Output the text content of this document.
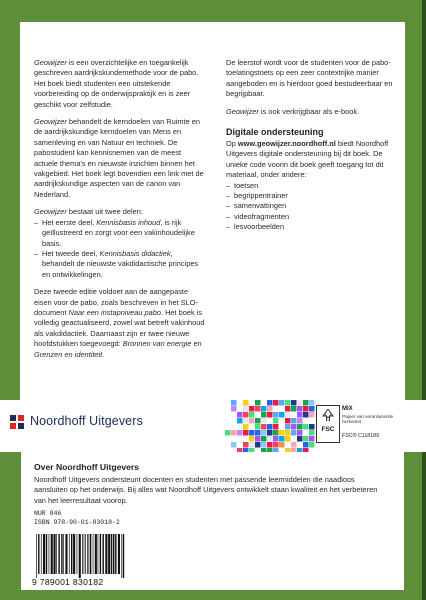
Geowijzer is een overzichtelijke en toegankelijk geschreven aardrijkskundemethode voor de pabo. Het boek biedt studenten een uitstekende voorbereiding op de onderwijspraktijk en is zeer geschikt voor zelfstudie.

Geowijzer behandelt de kerndoelen van Ruimte en de aardrijkskundige kerndoelen van Mens en samenleving en van Natuur en techniek. De pabostudent kan kennisnemen van de meest actuele thema’s en nieuwste inzichten binnen het vakgebied. Het boek legt bovendien een link met de aardrijkskundige aspecten van de canon van Nederland.

Geowijzer bestaat uit twee delen:

– Het eerste deel, Kennisbasis inhoud, is rijk geïllustreerd en zorgt voor een vakinhoudelijke basis.
– Het tweede deel, Kennisbasis didactiek, behandelt de nieuwste vakdidactische principes en ontwikkelingen.

Deze tweede editie voldoet aan de aangepaste eisen voor de pabo, zoals beschreven in het SLO-document Naar een instapniveau pabo. Het boek is volledig geactualiseerd, zowel wat betreft vakinhoud als vakdidactiek. Daarnaast zijn er twee nieuwe hoofdstukken toegevoegd: Bronnen van energie en Grenzen en identiteit.

De leerstof wordt voor de studenten voor de pabo-toelatingstoets op een zeer contextrijke manier aangeboden en is hierdoor goed bestudeerbaar en begrijpbaar.

Geowijzer is ook verkrijgbaar als e-book.

Digitale ondersteuning

Op www.geowijzer.noordhoff.nl biedt Noordhoff Uitgevers digitale ondersteuning bij dit boek. De unieke code voorin dit boek geeft toegang tot dit materiaal, onder andere:

– toetsen
– begrippentrainer
– samenvattingen
– videofragmenten
– lesvoorbeelden
Noordhoff Uitgevers
FSC
MIX
Papier van verantwoorde herkomst
FSC® C118189
Over Noordhoff Uitgevers
Noordhoff Uitgevers ondersteunt docenten en studenten met passende leermiddelen die naadloos aansluiten op het onderwijs. Bij alles wat Noordhoff Uitgevers ontwikkelt staan kwaliteit en het verbeteren van het leerresultaat voorop.
NUR 846
ISBN 978-90-01-83018-2
9 789001 830182
